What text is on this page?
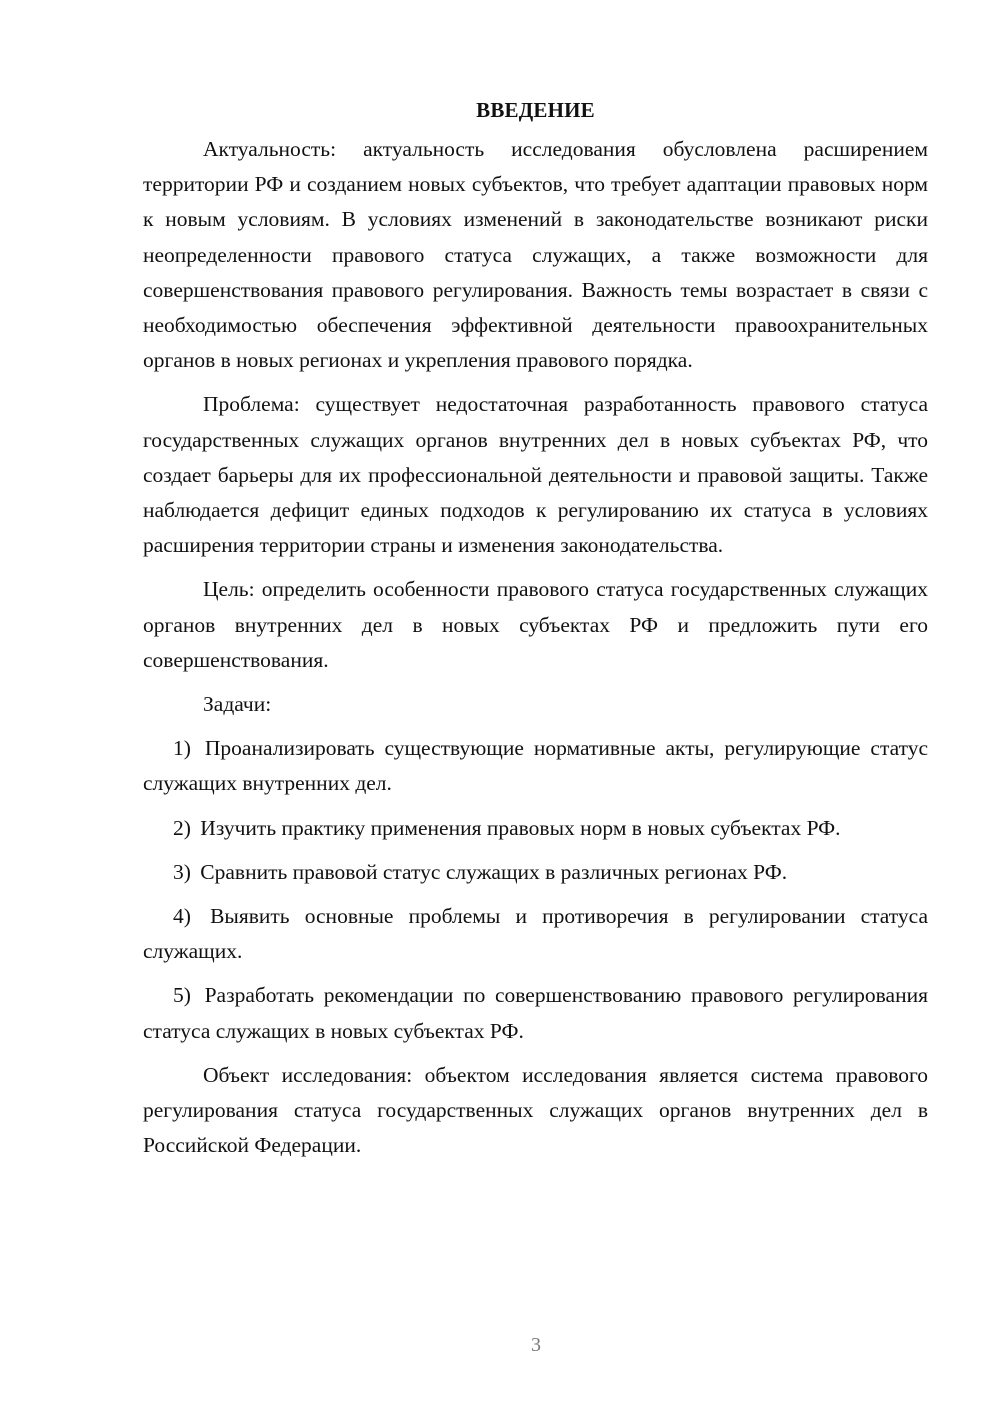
ВВЕДЕНИЕ

Актуальность: актуальность исследования обусловлена расширением территории РФ и созданием новых субъектов, что требует адаптации правовых норм к новым условиям. В условиях изменений в законодательстве возникают риски неопределенности правового статуса служащих, а также возможности для совершенствования правового регулирования. Важность темы возрастает в связи с необходимостью обеспечения эффективной деятельности правоохранительных органов в новых регионах и укрепления правового порядка.

Проблема: существует недостаточная разработанность правового статуса государственных служащих органов внутренних дел в новых субъектах РФ, что создает барьеры для их профессиональной деятельности и правовой защиты. Также наблюдается дефицит единых подходов к регулированию их статуса в условиях расширения территории страны и изменения законодательства.

Цель: определить особенности правового статуса государственных служащих органов внутренних дел в новых субъектах РФ и предложить пути его совершенствования.

Задачи:

1) Проанализировать существующие нормативные акты, регулирующие статус служащих внутренних дел.

2) Изучить практику применения правовых норм в новых субъектах РФ.

3) Сравнить правовой статус служащих в различных регионах РФ.

4) Выявить основные проблемы и противоречия в регулировании статуса служащих.

5) Разработать рекомендации по совершенствованию правового регулирования статуса служащих в новых субъектах РФ.

Объект исследования: объектом исследования является система правового регулирования статуса государственных служащих органов внутренних дел в Российской Федерации.

3
